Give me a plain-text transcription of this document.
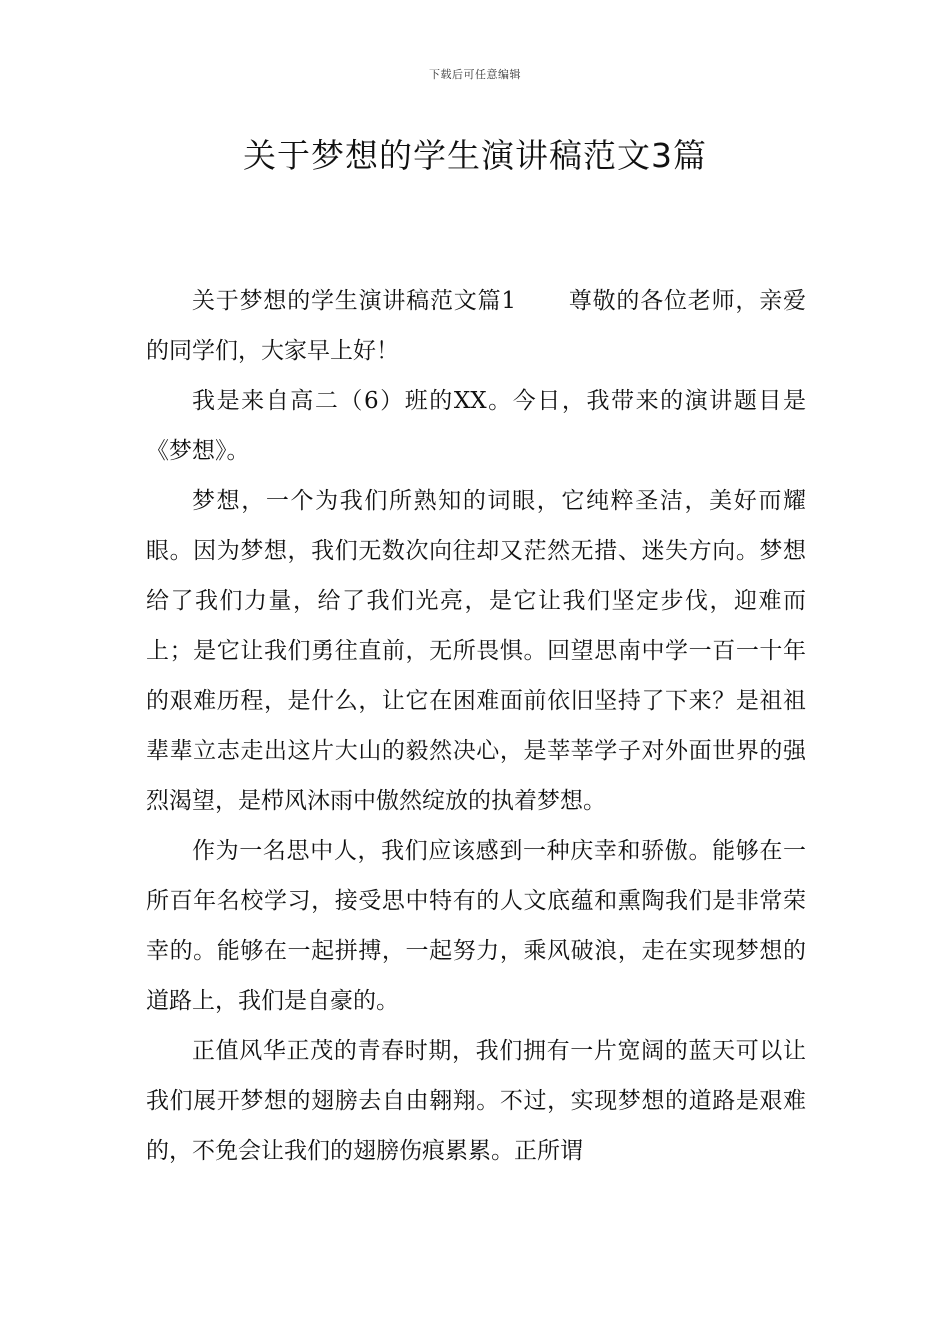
下载后可任意编辑
关于梦想的学生演讲稿范文3篇

关于梦想的学生演讲稿范文篇1 尊敬的各位老师，亲爱的同学们，大家早上好！

我是来自高二（6）班的XX。今日，我带来的演讲题目是《梦想》。

梦想，一个为我们所熟知的词眼，它纯粹圣洁，美好而耀眼。因为梦想，我们无数次向往却又茫然无措、迷失方向。梦想给了我们力量，给了我们光亮，是它让我们坚定步伐，迎难而上；是它让我们勇往直前，无所畏惧。回望思南中学一百一十年的艰难历程，是什么，让它在困难面前依旧坚持了下来？是祖祖辈辈立志走出这片大山的毅然决心，是莘莘学子对外面世界的强烈渴望，是栉风沐雨中傲然绽放的执着梦想。

作为一名思中人，我们应该感到一种庆幸和骄傲。能够在一所百年名校学习，接受思中特有的人文底蕴和熏陶我们是非常荣幸的。能够在一起拼搏，一起努力，乘风破浪，走在实现梦想的道路上，我们是自豪的。

正值风华正茂的青春时期，我们拥有一片宽阔的蓝天可以让我们展开梦想的翅膀去自由翱翔。不过，实现梦想的道路是艰难的，不免会让我们的翅膀伤痕累累。正所谓
